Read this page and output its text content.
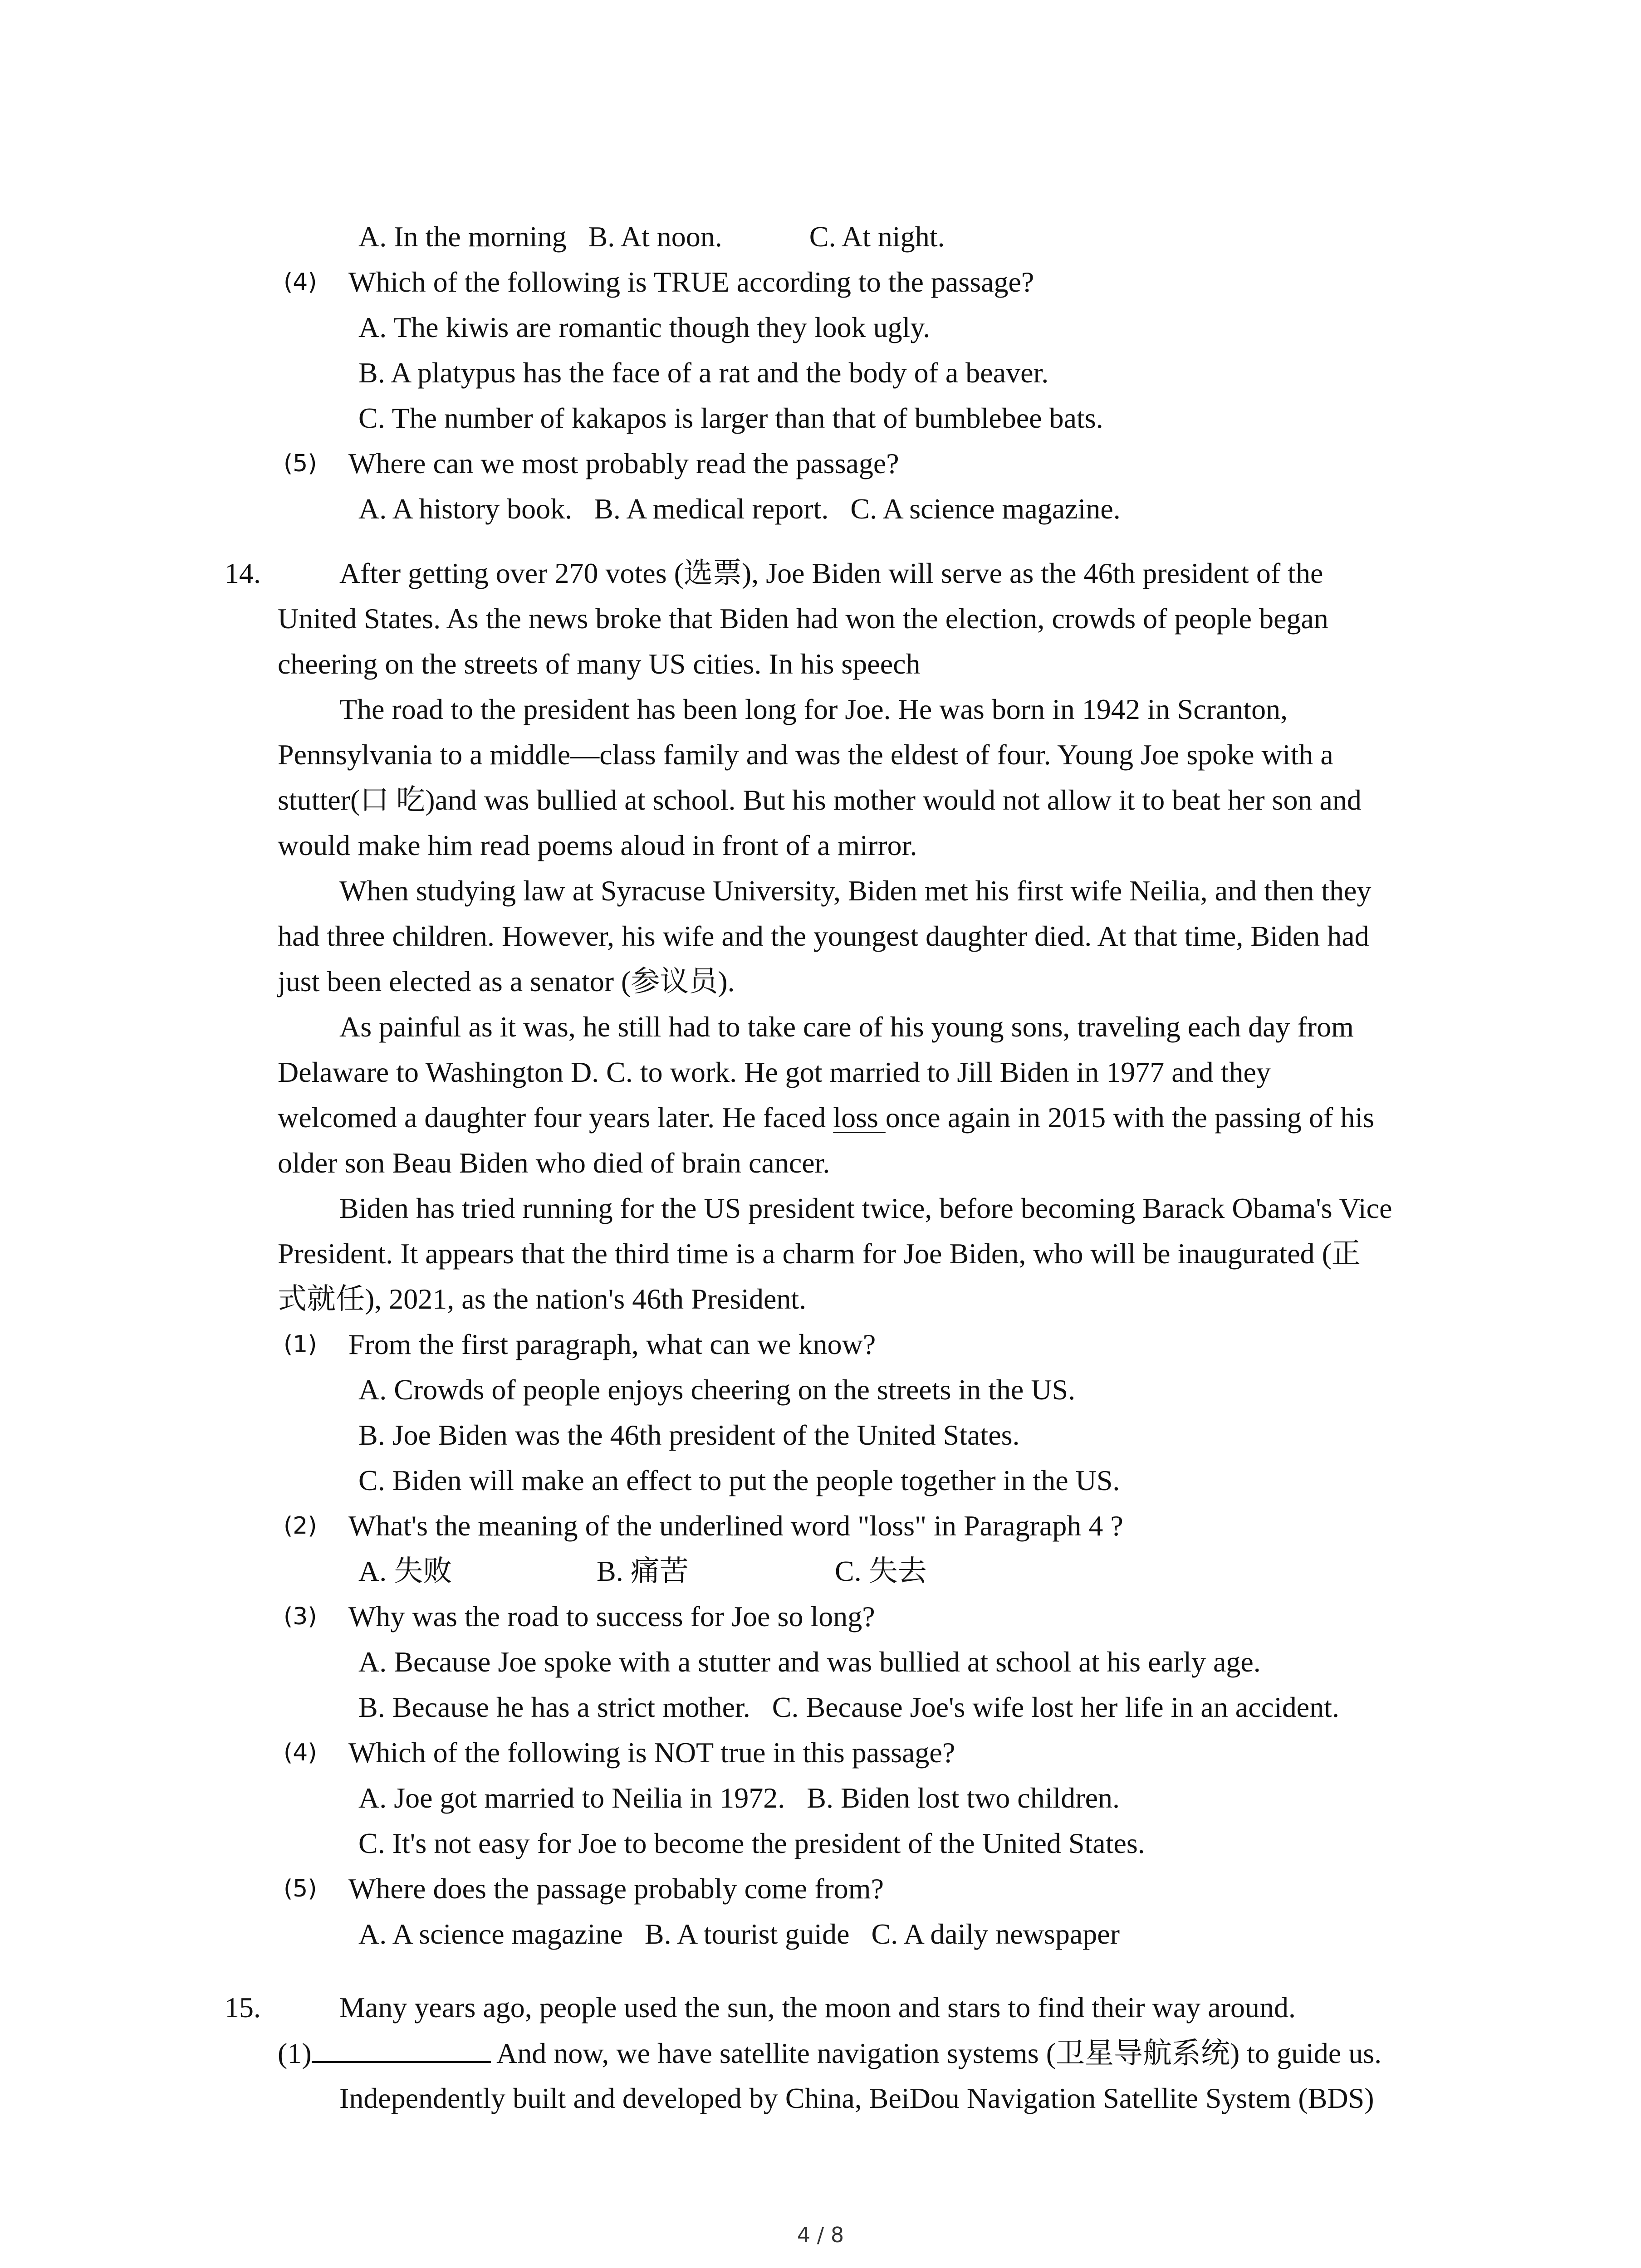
A. In the morning   B. At noon.            C. At night.
(4) Which of the following is TRUE according to the passage?
A. The kiwis are romantic though they look ugly.
B. A platypus has the face of a rat and the body of a beaver.
C. The number of kakapos is larger than that of bumblebee bats.
(5) Where can we most probably read the passage?
A. A history book.   B. A medical report.   C. A science magazine.
14.	After getting over 270 votes (选票), Joe Biden will serve as the 46th president of the
United States. As the news broke that Biden had won the election, crowds of people began
cheering on the streets of many US cities. In his speech
The road to the president has been long for Joe. He was born in 1942 in Scranton,
Pennsylvania to a middle—class family and was the eldest of four. Young Joe spoke with a
stutter(口 吃)and was bullied at school. But his mother would not allow it to beat her son and
would make him read poems aloud in front of a mirror.
When studying law at Syracuse University, Biden met his first wife Neilia, and then they
had three children. However, his wife and the youngest daughter died. At that time, Biden had
just been elected as a senator (参议员).
As painful as it was, he still had to take care of his young sons, traveling each day from
Delaware to Washington D. C. to work. He got married to Jill Biden in 1977 and they
welcomed a daughter four years later. He faced loss once again in 2015 with the passing of his
older son Beau Biden who died of brain cancer.
Biden has tried running for the US president twice, before becoming Barack Obama's Vice
President. It appears that the third time is a charm for Joe Biden, who will be inaugurated (正
式就任), 2021, as the nation's 46th President.
(1) From the first paragraph, what can we know?
A. Crowds of people enjoys cheering on the streets in the US.
B. Joe Biden was the 46th president of the United States.
C. Biden will make an effect to put the people together in the US.
(2) What's the meaning of the underlined word "loss" in Paragraph 4 ?
A. 失败	B. 痛苦	C. 失去
(3) Why was the road to success for Joe so long?
A. Because Joe spoke with a stutter and was bullied at school at his early age.
B. Because he has a strict mother.   C. Because Joe's wife lost her life in an accident.
(4) Which of the following is NOT true in this passage?
A. Joe got married to Neilia in 1972.   B. Biden lost two children.
C. It's not easy for Joe to become the president of the United States.
(5) Where does the passage probably come from?
A. A science magazine   B. A tourist guide   C. A daily newspaper
15.	Many years ago, people used the sun, the moon and stars to find their way around.
(1)	And now, we have satellite navigation systems (卫星导航系统) to guide us.
Independently built and developed by China, BeiDou Navigation Satellite System (BDS)
4 / 8
